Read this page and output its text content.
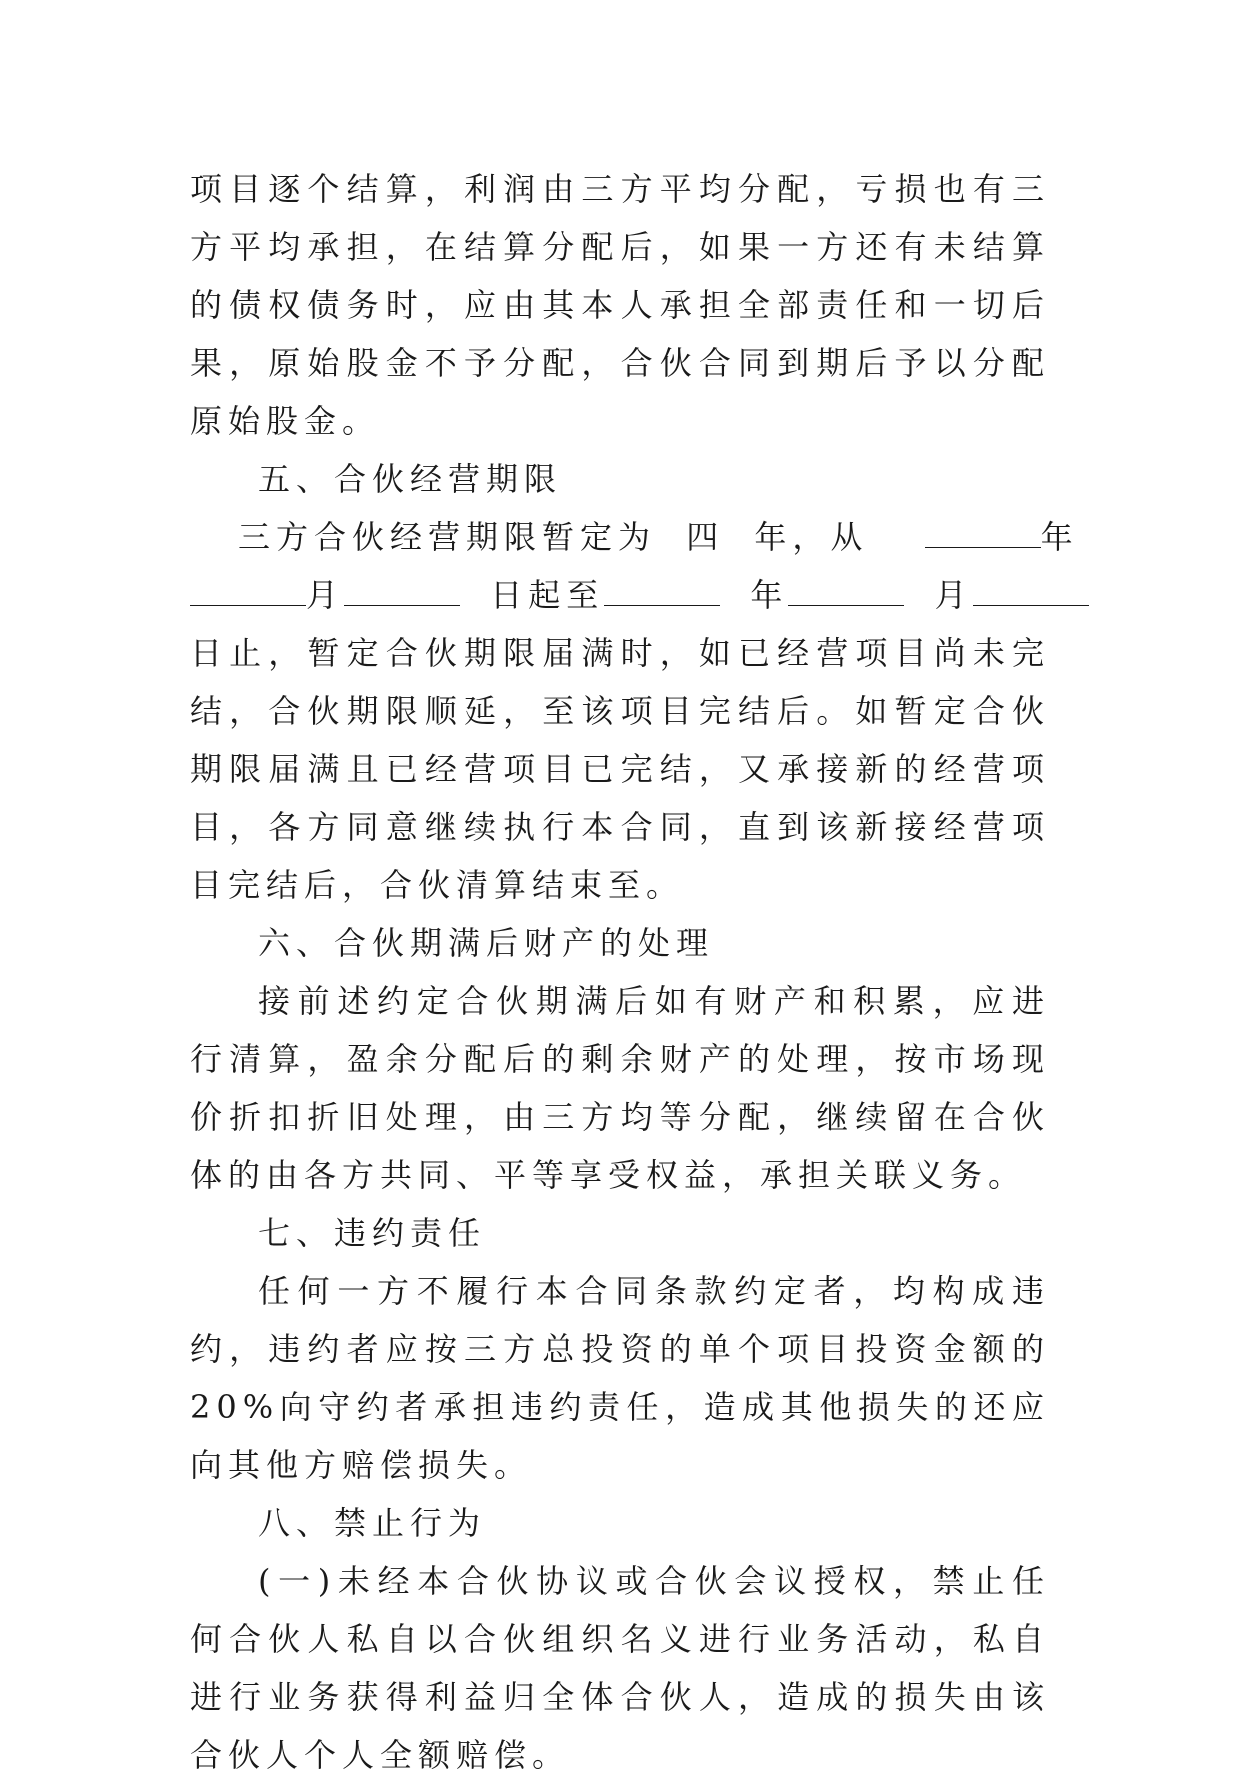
项目逐个结算，利润由三方平均分配，亏损也有三方平均承担，在结算分配后，如果一方还有未结算的债权债务时，应由其本人承担全部责任和一切后果，原始股金不予分配，合伙合同到期后予以分配原始股金。

五、合伙经营期限

三方合伙经营期限暂定为 四 年，从	年

月	日起至	年	月

日止，暂定合伙期限届满时，如已经营项目尚未完结，合伙期限顺延，至该项目完结后。如暂定合伙期限届满且已经营项目已完结，又承接新的经营项目，各方同意继续执行本合同，直到该新接经营项目完结后，合伙清算结束至。

六、合伙期满后财产的处理

接前述约定合伙期满后如有财产和积累，应进行清算，盈余分配后的剩余财产的处理，按市场现价折扣折旧处理，由三方均等分配，继续留在合伙体的由各方共同、平等享受权益，承担关联义务。

七、违约责任

任何一方不履行本合同条款约定者，均构成违约，违约者应按三方总投资的单个项目投资金额的20%向守约者承担违约责任，造成其他损失的还应向其他方赔偿损失。

八、禁止行为

(一)未经本合伙协议或合伙会议授权，禁止任何合伙人私自以合伙组织名义进行业务活动，私自进行业务获得利益归全体合伙人，造成的损失由该合伙人个人全额赔偿。
